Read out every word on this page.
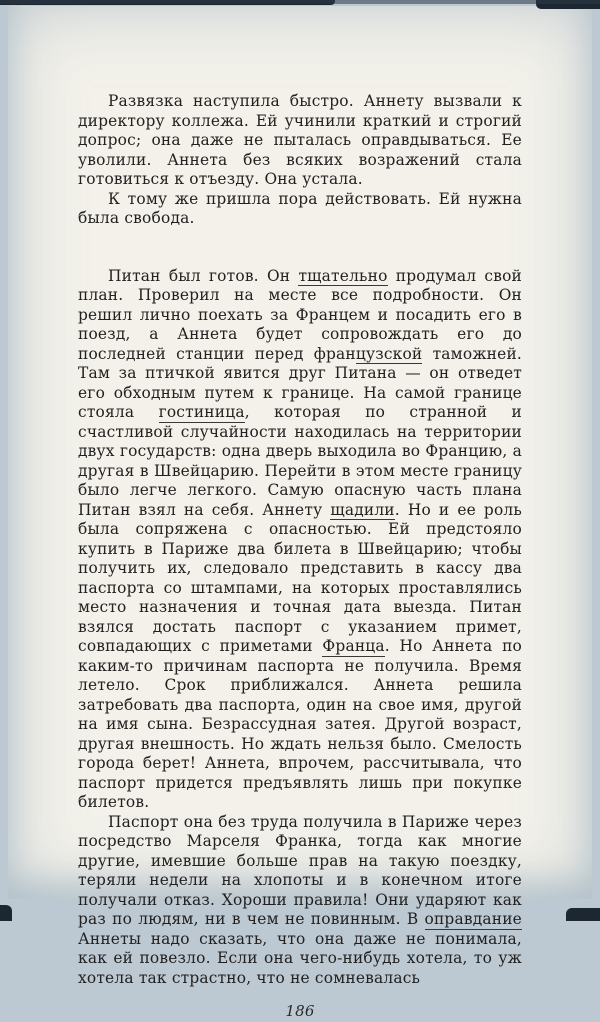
Развязка наступила быстро. Аннету вызвали к директору коллежа. Ей учинили краткий и строгий допрос; она даже не пыталась оправдываться. Ее уволили. Аннета без всяких возражений стала готовиться к отъезду. Она устала.

К тому же пришла пора действовать. Ей нужна была свобода.

Питан был готов. Он тщательно продумал свой план. Проверил на месте все подробности. Он решил лично поехать за Францем и посадить его в поезд, а Аннета будет сопровождать его до последней станции перед французской таможней. Там за птичкой явится друг Питана — он отведет его обходным путем к границе. На самой границе стояла гостиница, которая по странной и счастливой случайности находилась на территории двух государств: одна дверь выходила во Францию, а другая в Швейцарию. Перейти в этом месте границу было легче легкого. Самую опасную часть плана Питан взял на себя. Аннету щадили. Но и ее роль была сопряжена с опасностью. Ей предстояло купить в Париже два билета в Швейцарию; чтобы получить их, следовало представить в кассу два паспорта со штампами, на которых проставлялись место назначения и точная дата выезда. Питан взялся достать паспорт с указанием примет, совпадающих с приметами Франца. Но Аннета по каким-то причинам паспорта не получила. Время летело. Срок приближался. Аннета решила затребовать два паспорта, один на свое имя, другой на имя сына. Безрассудная затея. Другой возраст, другая внешность. Но ждать нельзя было. Смелость города берет! Аннета, впрочем, рассчитывала, что паспорт придется предъявлять лишь при покупке билетов.

Паспорт она без труда получила в Париже через посредство Марселя Франка, тогда как многие другие, имевшие больше прав на такую поездку, теряли недели на хлопоты и в конечном итоге получали отказ. Хороши правила! Они ударяют как раз по людям, ни в чем не повинным. В оправдание Аннеты надо сказать, что она даже не понимала, как ей повезло. Если она чего-нибудь хотела, то уж хотела так страстно, что не сомневалась

186
